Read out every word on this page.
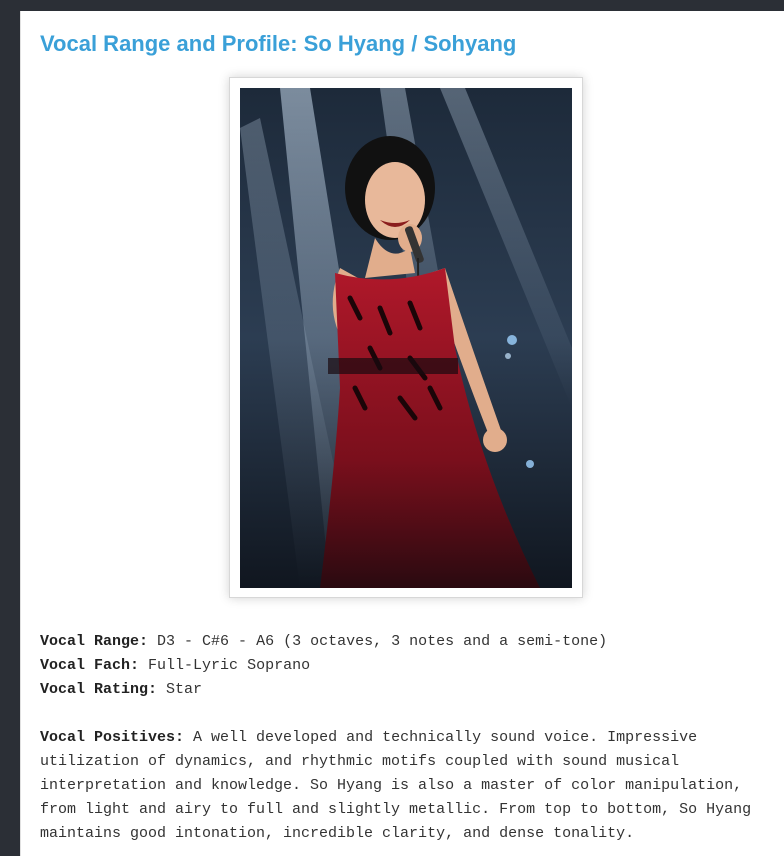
Vocal Range and Profile: So Hyang / Sohyang

Vocal Range: D3 - C#6 - A6 (3 octaves, 3 notes and a semi-tone)

Vocal Fach: Full-Lyric Soprano

Vocal Rating: Star

Vocal Positives: A well developed and technically sound voice. Impressive utilization of dynamics, and rhythmic motifs coupled with sound musical interpretation and knowledge. So Hyang is also a master of color manipulation, from light and airy to full and slightly metallic. From top to bottom, So Hyang maintains good intonation, incredible clarity, and dense tonality.
